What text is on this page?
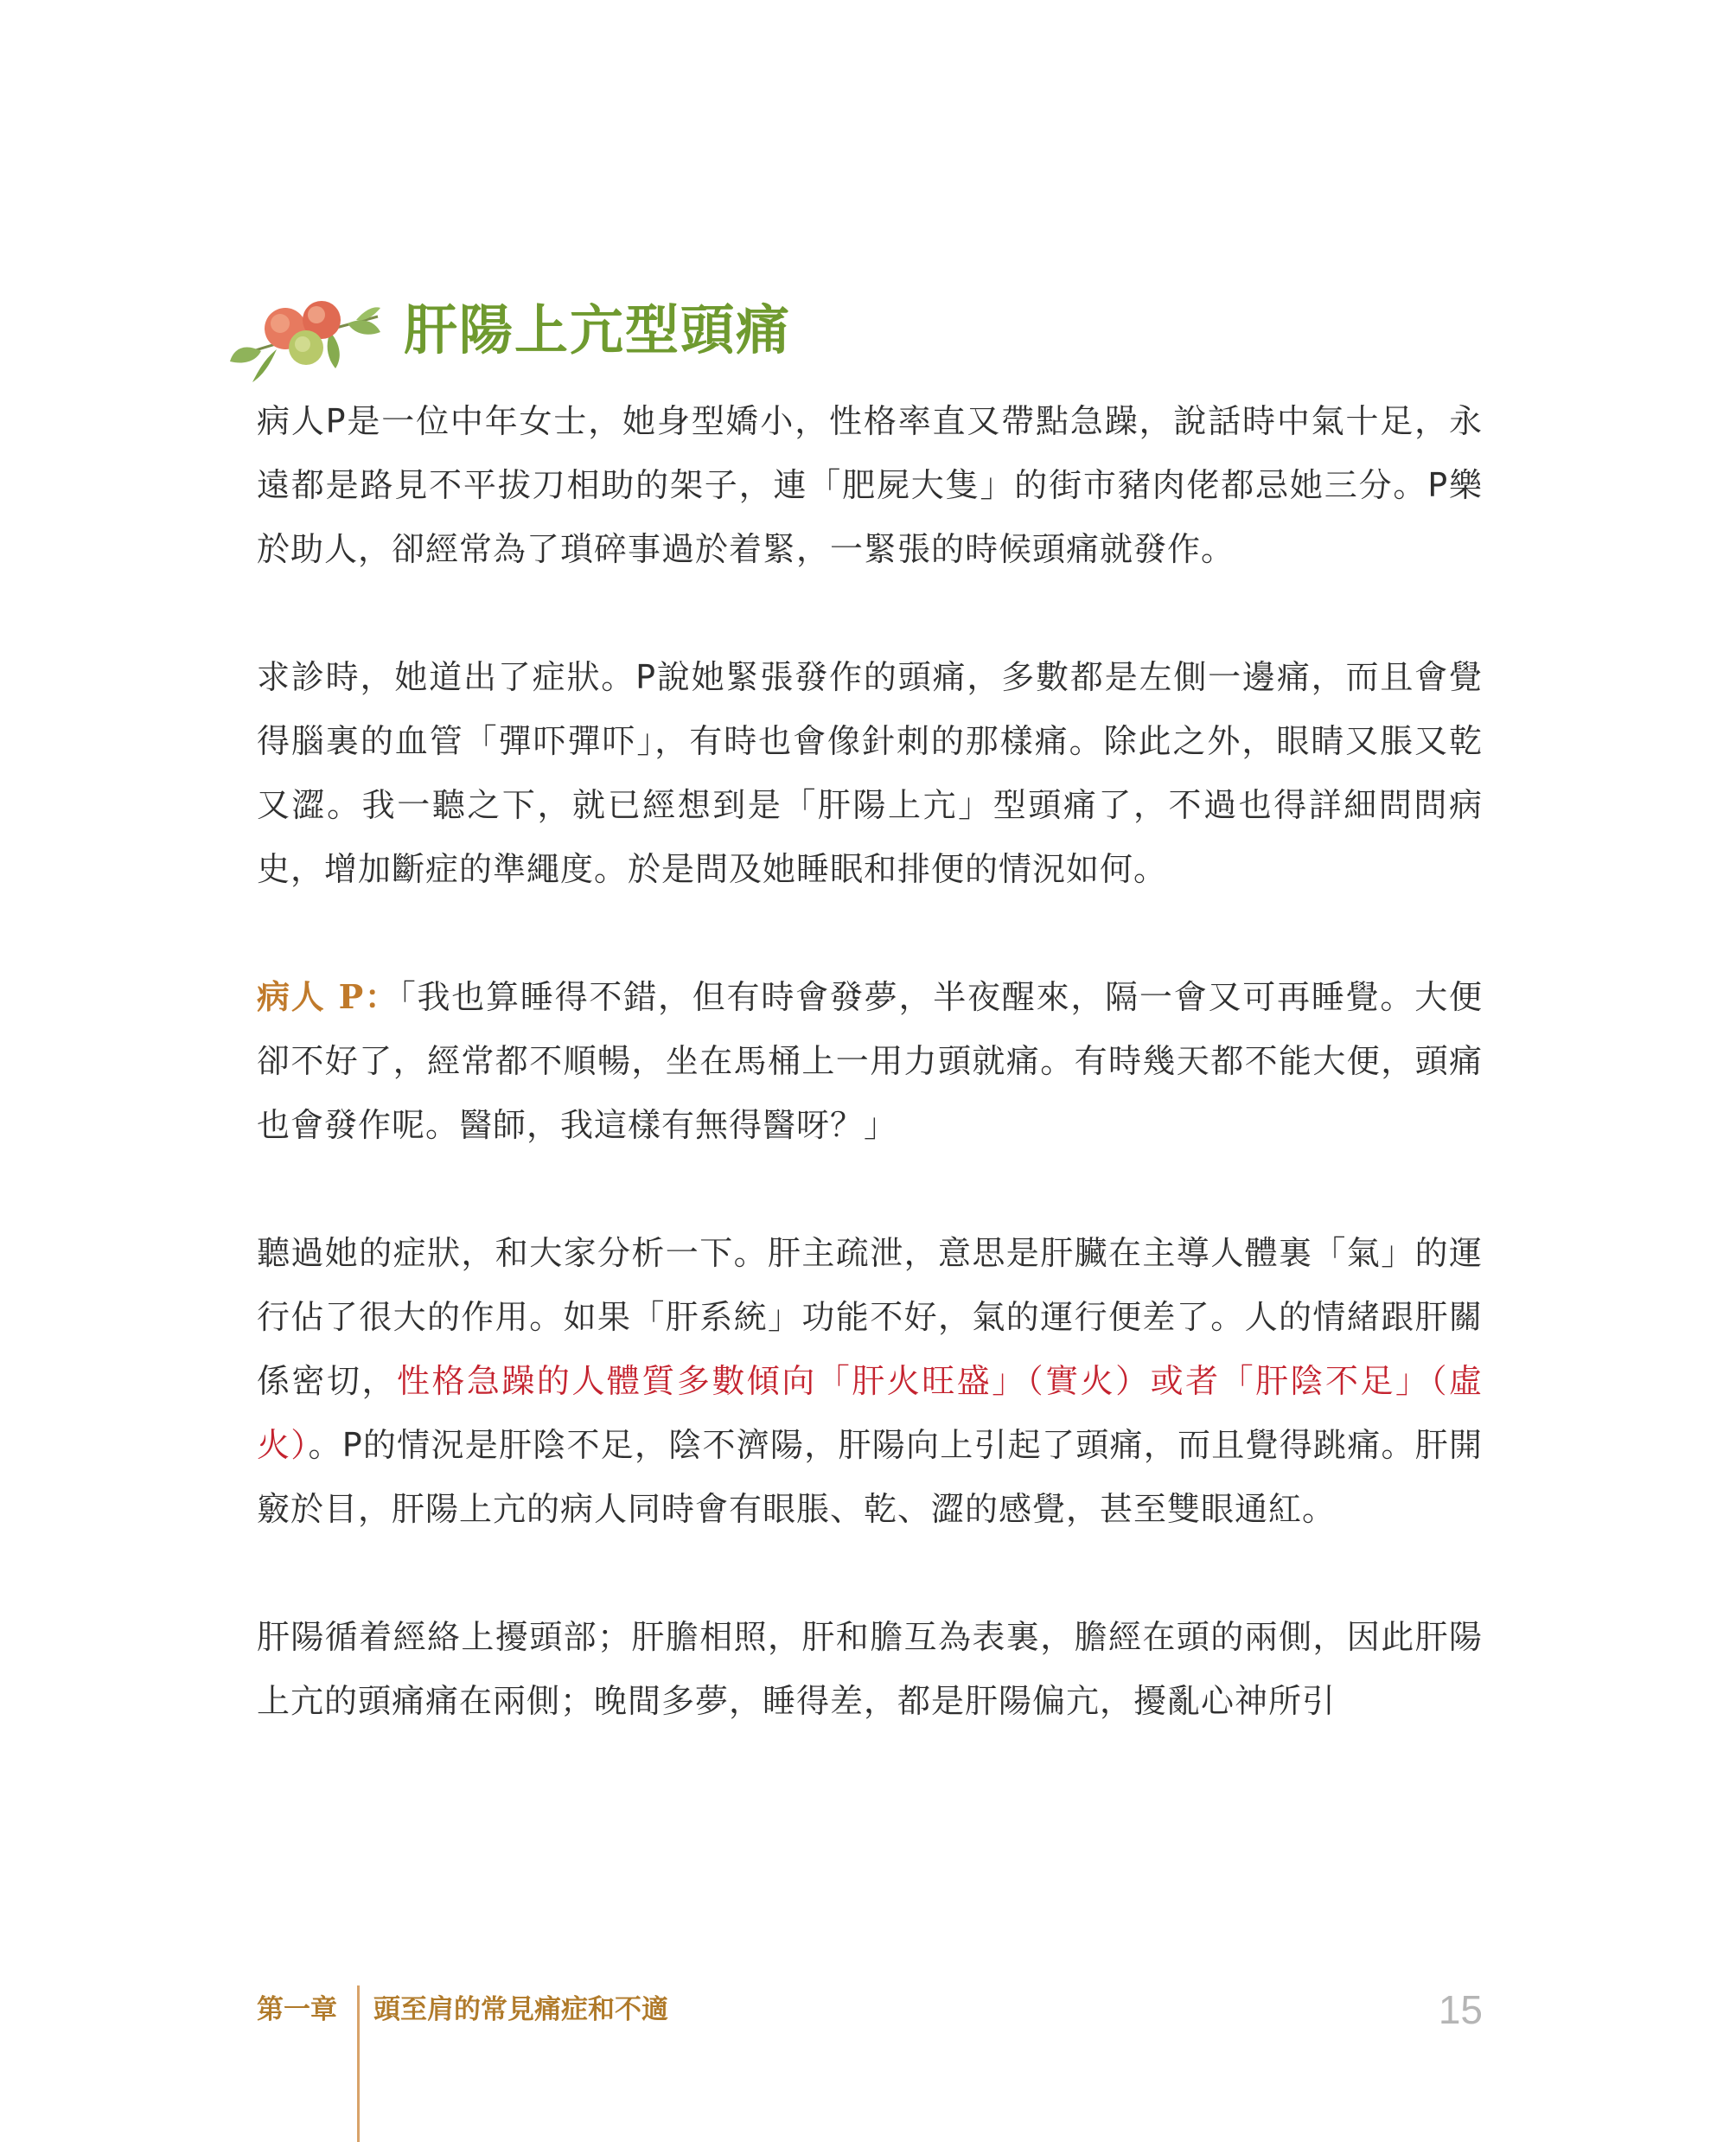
肝陽上亢型頭痛

病人P是一位中年女士，她身型嬌小，性格率直又帶點急躁，說話時中氣十足，永遠都是路見不平拔刀相助的架子，連「肥屍大隻」的街市豬肉佬都忌她三分。P樂於助人，卻經常為了瑣碎事過於着緊，一緊張的時候頭痛就發作。

求診時，她道出了症狀。P說她緊張發作的頭痛，多數都是左側一邊痛，而且會覺得腦裏的血管「彈吓彈吓」，有時也會像針刺的那樣痛。除此之外，眼睛又脹又乾又澀。我一聽之下，就已經想到是「肝陽上亢」型頭痛了，不過也得詳細問問病史，增加斷症的準繩度。於是問及她睡眠和排便的情況如何。

病人 P：「我也算睡得不錯，但有時會發夢，半夜醒來，隔一會又可再睡覺。大便卻不好了，經常都不順暢，坐在馬桶上一用力頭就痛。有時幾天都不能大便，頭痛也會發作呢。醫師，我這樣有無得醫呀？」

聽過她的症狀，和大家分析一下。肝主疏泄，意思是肝臟在主導人體裏「氣」的運行佔了很大的作用。如果「肝系統」功能不好，氣的運行便差了。人的情緒跟肝關係密切，性格急躁的人體質多數傾向「肝火旺盛」（實火）或者「肝陰不足」（虛火）。P的情況是肝陰不足，陰不濟陽，肝陽向上引起了頭痛，而且覺得跳痛。肝開竅於目，肝陽上亢的病人同時會有眼脹、乾、澀的感覺，甚至雙眼通紅。

肝陽循着經絡上擾頭部；肝膽相照，肝和膽互為表裏，膽經在頭的兩側，因此肝陽上亢的頭痛痛在兩側；晚間多夢，睡得差，都是肝陽偏亢，擾亂心神所引

第一章 頭至肩的常見痛症和不適	15
